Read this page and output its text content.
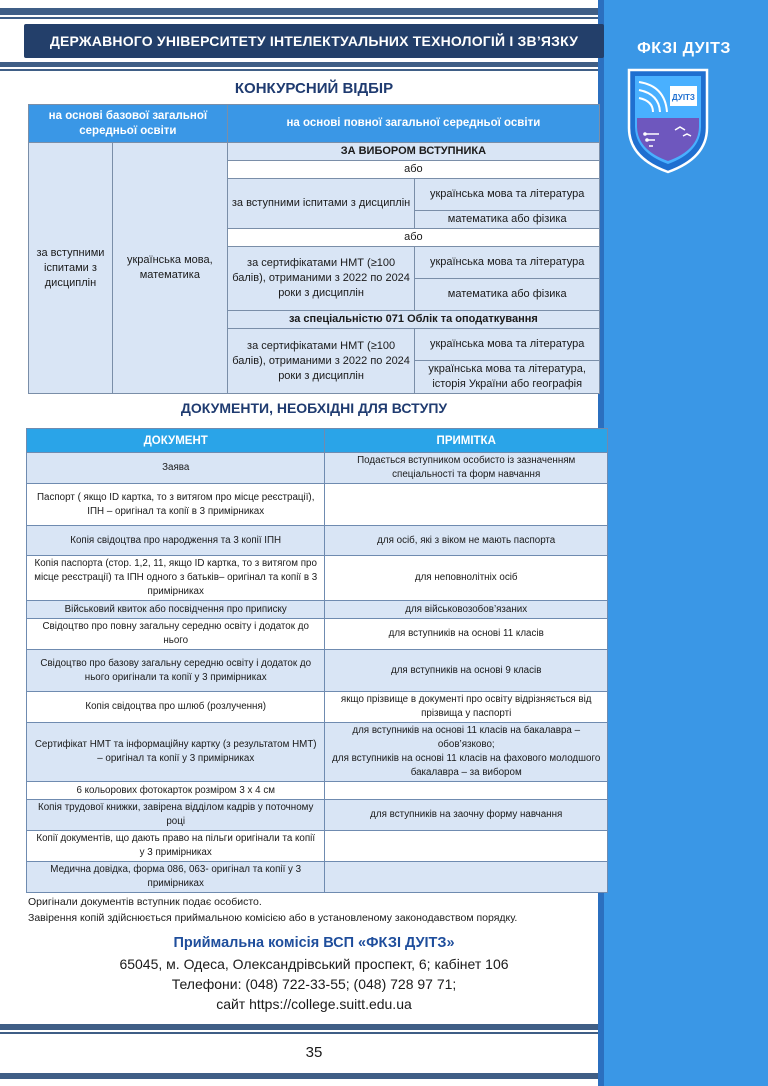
ФКЗІ ДУІТЗ
ДУІТЗ
ДЕРЖАВНОГО УНІВЕРСИТЕТУ ІНТЕЛЕКТУАЛЬНИХ ТЕХНОЛОГІЙ І ЗВ’ЯЗКУ
КОНКУРСНИЙ ВІДБІР
на основі базової загальної середньої освіти		на основі повної загальної середньої освіти	
за вступними іспитами з дисциплін	українська мова, математика	ЗА ВИБОРОМ ВСТУПНИКА	
		або	
		за вступними іспитами з дисциплін	українська мова та література
			математика або фізика
		або	
		за сертифікатами НМТ (≥100 балів), отриманими з 2022 по 2024 роки з дисциплін	українська мова та література
			математика або фізика
		за спеціальністю 071 Облік та оподаткування	
		за сертифікатами НМТ (≥100 балів), отриманими з 2022 по 2024 роки з дисциплін	українська мова та література
			українська мова та література, історія України або географія
ДОКУМЕНТИ, НЕОБХІДНІ ДЛЯ ВСТУПУ
ДОКУМЕНТ	ПРИМІТКА
Заява	Подається вступником особисто із зазначенням спеціальності та форм навчання
Паспорт ( якщо ID картка, то з витягом про місце реєстрації), ІПН – оригінал та копії в 3 примірниках	
Копія свідоцтва про народження та 3 копії ІПН	для осіб, які з віком не мають паспорта
Копія паспорта (стор. 1,2, 11, якщо ID картка, то з витягом про місце реєстрації) та ІПН одного з батьків– оригінал та копії в 3 примірниках	для неповнолітніх осіб
Військовий квиток або посвідчення про приписку	для військовозобов’язаних
Свідоцтво про повну загальну середню освіту і додаток до нього	для вступників на основі 11 класів
Свідоцтво про базову загальну середню освіту і додаток до нього оригінали та копії у 3 примірниках	для вступників на основі 9 класів
Копія свідоцтва про шлюб (розлучення)	якщо прізвище в документі про освіту відрізняється від прізвища у паспорті
Сертифікат НМТ та інформаційну картку (з результатом НМТ) – оригінал та копії у 3 примірниках	для вступників на основі 11 класів на бакалавра – обов’язково;
для вступників на основі 11 класів на фахового молодшого бакалавра – за вибором

6 кольорових фотокарток розміром 3 х 4 см	
Копія трудової книжки, завірена відділом кадрів у поточному році	для вступників на заочну форму навчання
Копії документів, що дають право на пільги оригінали та копії у 3 примірниках	
Медична довідка, форма 086, 063- оригінал та копії у 3 примірниках	
Оригінали документів вступник подає особисто.
Завірення копій здійснюється приймальною комісією або в установленому законодавством порядку.
Приймальна комісія ВСП «ФКЗІ ДУІТЗ»
65045, м. Одеса, Олександрівський проспект, 6; кабінет 106
Телефони: (048) 722-33-55; (048) 728 97 71;
сайт https://college.suitt.edu.ua
35
